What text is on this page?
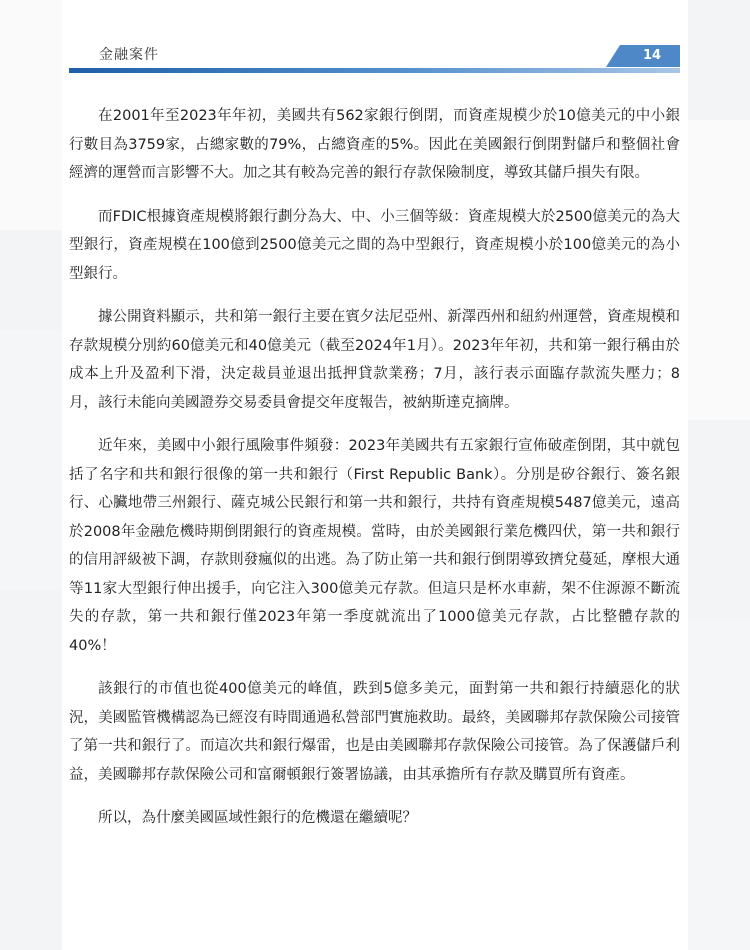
金融案件	14

在2001年至2023年年初，美國共有562家銀行倒閉，而資產規模少於10億美元的中小銀行數目為3759家，占總家數的79%，占總資產的5%。因此在美國銀行倒閉對儲戶和整個社會經濟的運營而言影響不大。加之其有較為完善的銀行存款保險制度，導致其儲戶損失有限。

而FDIC根據資產規模將銀行劃分為大、中、小三個等級：資產規模大於2500億美元的為大型銀行，資產規模在100億到2500億美元之間的為中型銀行，資產規模小於100億美元的為小型銀行。

據公開資料顯示，共和第一銀行主要在賓夕法尼亞州、新澤西州和紐約州運營，資產規模和存款規模分別約60億美元和40億美元（截至2024年1月）。2023年年初，共和第一銀行稱由於成本上升及盈利下滑，決定裁員並退出抵押貸款業務；7月，該行表示面臨存款流失壓力；8月，該行未能向美國證券交易委員會提交年度報告，被納斯達克摘牌。

近年來，美國中小銀行風險事件頻發：2023年美國共有五家銀行宣佈破產倒閉，其中就包括了名字和共和銀行很像的第一共和銀行（First Republic Bank）。分別是矽谷銀行、簽名銀行、心臟地帶三州銀行、薩克城公民銀行和第一共和銀行，共持有資產規模5487億美元，遠高於2008年金融危機時期倒閉銀行的資產規模。當時，由於美國銀行業危機四伏，第一共和銀行的信用評級被下調，存款則發瘋似的出逃。為了防止第一共和銀行倒閉導致擠兌蔓延，摩根大通等11家大型銀行伸出援手，向它注入300億美元存款。但這只是杯水車薪，架不住源源不斷流失的存款，第一共和銀行僅2023年第一季度就流出了1000億美元存款，占比整體存款的40%！

該銀行的市值也從400億美元的峰值，跌到5億多美元，面對第一共和銀行持續惡化的狀況，美國監管機構認為已經沒有時間通過私營部門實施救助。最終，美國聯邦存款保險公司接管了第一共和銀行了。而這次共和銀行爆雷，也是由美國聯邦存款保險公司接管。為了保護儲戶利益，美國聯邦存款保險公司和富爾頓銀行簽署協議，由其承擔所有存款及購買所有資產。

所以，為什麼美國區域性銀行的危機還在繼續呢？
